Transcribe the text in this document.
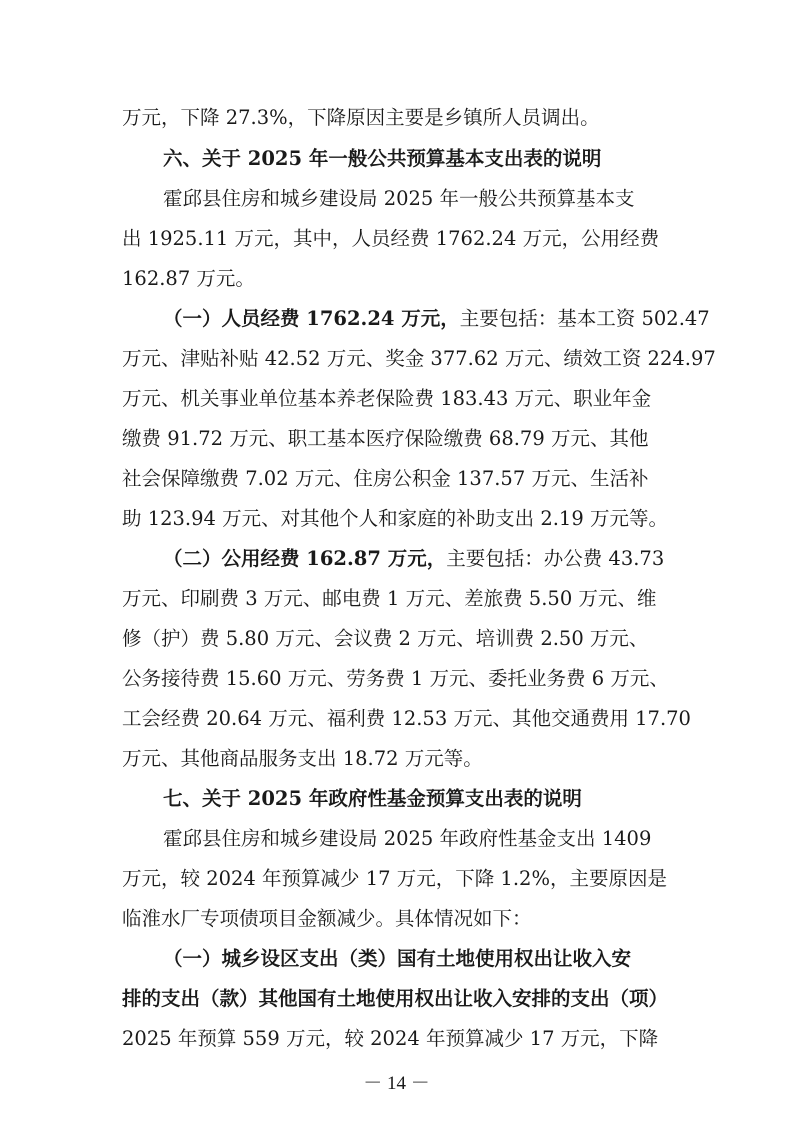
万元，下降 27.3%，下降原因主要是乡镇所人员调出。
六、关于 2025 年一般公共预算基本支出表的说明
霍邱县住房和城乡建设局 2025 年一般公共预算基本支
出 1925.11 万元，其中，人员经费 1762.24 万元，公用经费
162.87 万元。
（一）人员经费 1762.24 万元，主要包括：基本工资 502.47
万元、津贴补贴 42.52 万元、奖金 377.62 万元、绩效工资 224.97
万元、机关事业单位基本养老保险费 183.43 万元、职业年金
缴费 91.72 万元、职工基本医疗保险缴费 68.79 万元、其他
社会保障缴费 7.02 万元、住房公积金 137.57 万元、生活补
助 123.94 万元、对其他个人和家庭的补助支出 2.19 万元等。
（二）公用经费 162.87 万元，主要包括：办公费 43.73
万元、印刷费 3 万元、邮电费 1 万元、差旅费 5.50 万元、维
修（护）费 5.80 万元、会议费 2 万元、培训费 2.50 万元、
公务接待费 15.60 万元、劳务费 1 万元、委托业务费 6 万元、
工会经费 20.64 万元、福利费 12.53 万元、其他交通费用 17.70
万元、其他商品服务支出 18.72 万元等。
七、关于 2025 年政府性基金预算支出表的说明
霍邱县住房和城乡建设局 2025 年政府性基金支出 1409
万元，较 2024 年预算减少 17 万元，下降 1.2%，主要原因是
临淮水厂专项债项目金额减少。具体情况如下：
（一）城乡设区支出（类）国有土地使用权出让收入安
排的支出（款）其他国有土地使用权出让收入安排的支出（项）
2025 年预算 559 万元，较 2024 年预算减少 17 万元，下降
－ 14 －
